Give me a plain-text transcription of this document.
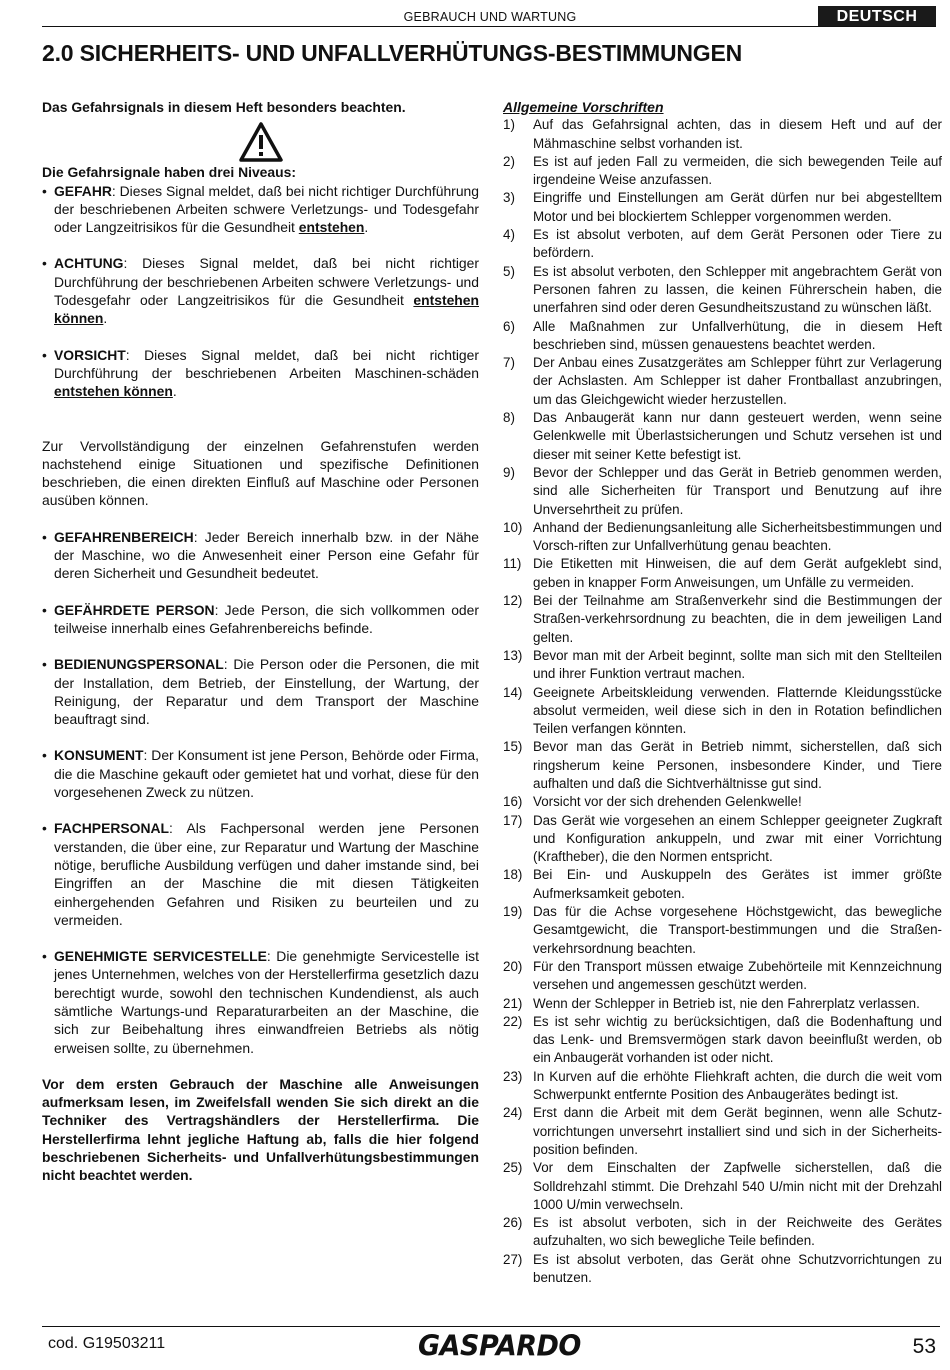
GEBRAUCH UND WARTUNG	DEUTSCH
2.0 SICHERHEITS- UND UNFALLVERHÜTUNGS-BESTIMMUNGEN

Das Gefahrsignals in diesem Heft besonders beachten.

Die Gefahrsignale haben drei Niveaus:

• GEFAHR: Dieses Signal meldet, daß bei nicht richtiger Durchführung der beschriebenen Arbeiten schwere Verletzungs- und Todesgefahr oder Langzeitrisikos für die Gesundheit entstehen.
• ACHTUNG: Dieses Signal meldet, daß bei nicht richtiger Durchführung der beschriebenen Arbeiten schwere Verletzungs- und Todesgefahr oder Langzeitrisikos für die Gesundheit entstehen können.
• VORSICHT: Dieses Signal meldet, daß bei nicht richtiger Durchführung der beschriebenen Arbeiten Maschinen-schäden entstehen können.

Zur Vervollständigung der einzelnen Gefahrenstufen werden nachstehend einige Situationen und spezifische Definitionen beschrieben, die einen direkten Einfluß auf Maschine oder Personen ausüben können.

• GEFAHRENBEREICH: Jeder Bereich innerhalb bzw. in der Nähe der Maschine, wo die Anwesenheit einer Person eine Gefahr für deren Sicherheit und Gesundheit bedeutet.
• GEFÄHRDETE PERSON: Jede Person, die sich vollkommen oder teilweise innerhalb eines Gefahrenbereichs befinde.
• BEDIENUNGSPERSONAL: Die Person oder die Personen, die mit der Installation, dem Betrieb, der Einstellung, der Wartung, der Reinigung, der Reparatur und dem Transport der Maschine beauftragt sind.
• KONSUMENT: Der Konsument ist jene Person, Behörde oder Firma, die die Maschine gekauft oder gemietet hat und vorhat, diese für den vorgesehenen Zweck zu nützen.
• FACHPERSONAL: Als Fachpersonal werden jene Personen verstanden, die über eine, zur Reparatur und Wartung der Maschine nötige, berufliche Ausbildung verfügen und daher imstande sind, bei Eingriffen an der Maschine die mit diesen Tätigkeiten einhergehenden Gefahren und Risiken zu beurteilen und zu vermeiden.
• GENEHMIGTE SERVICESTELLE: Die genehmigte Servicestelle ist jenes Unternehmen, welches von der Herstellerfirma gesetzlich dazu berechtigt wurde, sowohl den technischen Kundendienst, als auch sämtliche Wartungs-und Reparaturarbeiten an der Maschine, die sich zur Beibehaltung ihres einwandfreien Betriebs als nötig erweisen sollte, zu übernehmen.

Vor dem ersten Gebrauch der Maschine alle Anweisungen aufmerksam lesen, im Zweifelsfall wenden Sie sich direkt an die Techniker des Vertragshändlers der Herstellerfirma. Die Herstellerfirma lehnt jegliche Haftung ab, falls die hier folgend beschriebenen Sicherheits- und Unfallverhütungsbestimmungen nicht beachtet werden.

Allgemeine Vorschriften

1)	Auf das Gefahrsignal achten, das in diesem Heft und auf der Mähmaschine selbst vorhanden ist.
2)	Es ist auf jeden Fall zu vermeiden, die sich bewegenden Teile auf irgendeine Weise anzufassen.
3)	Eingriffe und Einstellungen am Gerät dürfen nur bei abgestelltem Motor und bei blockiertem Schlepper vorgenommen werden.
4)	Es ist absolut verboten, auf dem Gerät Personen oder Tiere zu befördern.
5)	Es ist absolut verboten, den Schlepper mit angebrachtem Gerät von Personen fahren zu lassen, die keinen Führerschein haben, die unerfahren sind oder deren Gesundheitszustand zu wünschen läßt.
6)	Alle Maßnahmen zur Unfallverhütung, die in diesem Heft beschrieben sind, müssen genauestens beachtet werden.
7)	Der Anbau eines Zusatzgerätes am Schlepper führt zur Verlagerung der Achslasten. Am Schlepper ist daher Frontballast anzubringen, um das Gleichgewicht wieder herzustellen.
8)	Das Anbaugerät kann nur dann gesteuert werden, wenn seine Gelenkwelle mit Überlastsicherungen und Schutz versehen ist und dieser mit seiner Kette befestigt ist.
9)	Bevor der Schlepper und das Gerät in Betrieb genommen werden, sind alle Sicherheiten für Transport und Benutzung auf ihre Unversehrtheit zu prüfen.
10) Anhand der Bedienungsanleitung alle Sicherheitsbestimmungen und Vorsch-riften zur Unfallverhütung genau beachten.
11) Die Etiketten mit Hinweisen, die auf dem Gerät aufgeklebt sind, geben in knapper Form Anweisungen, um Unfälle zu vermeiden.
12) Bei der Teilnahme am Straßenverkehr sind die Bestimmungen der Straßen-verkehrsordnung zu beachten, die in dem jeweiligen Land gelten.
13) Bevor man mit der Arbeit beginnt, sollte man sich mit den Stellteilen und ihrer Funktion vertraut machen.
14) Geeignete Arbeitskleidung verwenden. Flatternde Kleidungsstücke absolut vermeiden, weil diese sich in den in Rotation befindlichen Teilen verfangen könnten.
15) Bevor man das Gerät in Betrieb nimmt, sicherstellen, daß sich ringsherum keine Personen, insbesondere Kinder, und Tiere aufhalten und daß die Sichtverhältnisse gut sind.
16) Vorsicht vor der sich drehenden Gelenkwelle!
17) Das Gerät wie vorgesehen an einem Schlepper geeigneter Zugkraft und Konfiguration ankuppeln, und zwar mit einer Vorrichtung (Kraftheber), die den Normen entspricht.
18) Bei Ein- und Auskuppeln des Gerätes ist immer größte Aufmerksamkeit geboten.
19) Das für die Achse vorgesehene Höchstgewicht, das bewegliche Gesamtgewicht, die Transport-bestimmungen und die Straßen-verkehrsordnung beachten.
20) Für den Transport müssen etwaige Zubehörteile mit Kennzeichnung versehen und angemessen geschützt werden.
21) Wenn der Schlepper in Betrieb ist, nie den Fahrerplatz verlassen.
22) Es ist sehr wichtig zu berücksichtigen, daß die Bodenhaftung und das Lenk- und Bremsvermögen stark davon beeinflußt werden, ob ein Anbaugerät vorhanden ist oder nicht.
23) In Kurven auf die erhöhte Fliehkraft achten, die durch die weit vom Schwerpunkt entfernte Position des Anbaugerätes bedingt ist.
24) Erst dann die Arbeit mit dem Gerät beginnen, wenn alle Schutz-vorrichtungen unversehrt installiert sind und sich in der Sicherheits-position befinden.
25) Vor dem Einschalten der Zapfwelle sicherstellen, daß die Solldrehzahl stimmt. Die Drehzahl 540 U/min nicht mit der Drehzahl 1000 U/min verwechseln.
26) Es ist absolut verboten, sich in der Reichweite des Gerätes aufzuhalten, wo sich bewegliche Teile befinden.
27) Es ist absolut verboten, das Gerät ohne Schutzvorrichtungen zu benutzen.
cod. G19503211	GASPARDO	53
